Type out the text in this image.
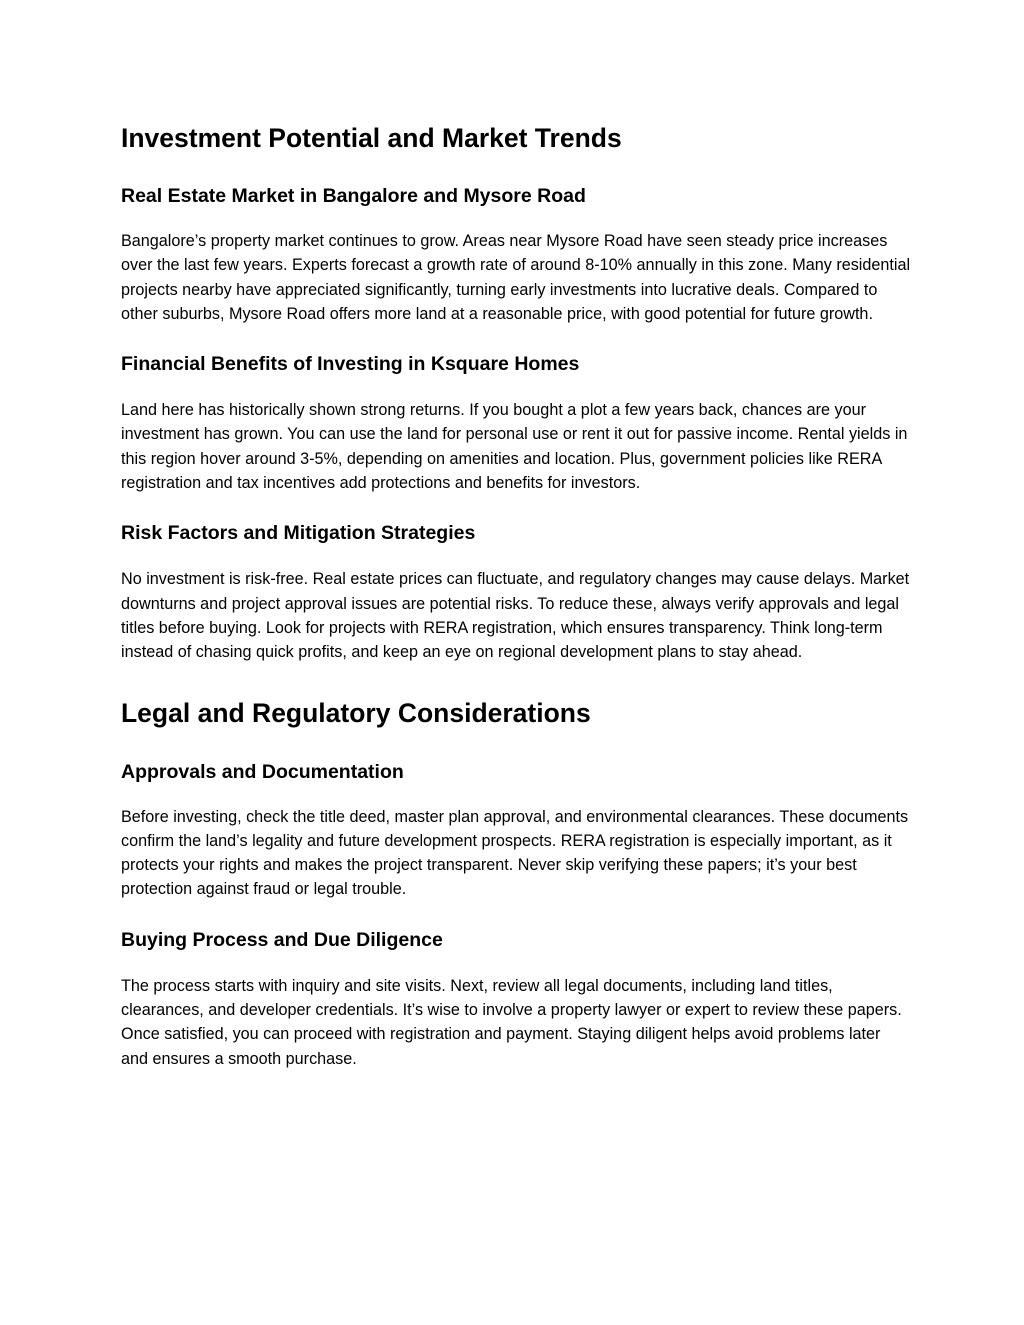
Investment Potential and Market Trends
Real Estate Market in Bangalore and Mysore Road

Bangalore’s property market continues to grow. Areas near Mysore Road have seen steady price increases over the last few years. Experts forecast a growth rate of around 8-10% annually in this zone. Many residential projects nearby have appreciated significantly, turning early investments into lucrative deals. Compared to other suburbs, Mysore Road offers more land at a reasonable price, with good potential for future growth.

Financial Benefits of Investing in Ksquare Homes

Land here has historically shown strong returns. If you bought a plot a few years back, chances are your investment has grown. You can use the land for personal use or rent it out for passive income. Rental yields in this region hover around 3-5%, depending on amenities and location. Plus, government policies like RERA registration and tax incentives add protections and benefits for investors.

Risk Factors and Mitigation Strategies

No investment is risk-free. Real estate prices can fluctuate, and regulatory changes may cause delays. Market downturns and project approval issues are potential risks. To reduce these, always verify approvals and legal titles before buying. Look for projects with RERA registration, which ensures transparency. Think long-term instead of chasing quick profits, and keep an eye on regional development plans to stay ahead.

Legal and Regulatory Considerations
Approvals and Documentation

Before investing, check the title deed, master plan approval, and environmental clearances. These documents confirm the land’s legality and future development prospects. RERA registration is especially important, as it protects your rights and makes the project transparent. Never skip verifying these papers; it’s your best protection against fraud or legal trouble.

Buying Process and Due Diligence

The process starts with inquiry and site visits. Next, review all legal documents, including land titles, clearances, and developer credentials. It’s wise to involve a property lawyer or expert to review these papers. Once satisfied, you can proceed with registration and payment. Staying diligent helps avoid problems later and ensures a smooth purchase.
